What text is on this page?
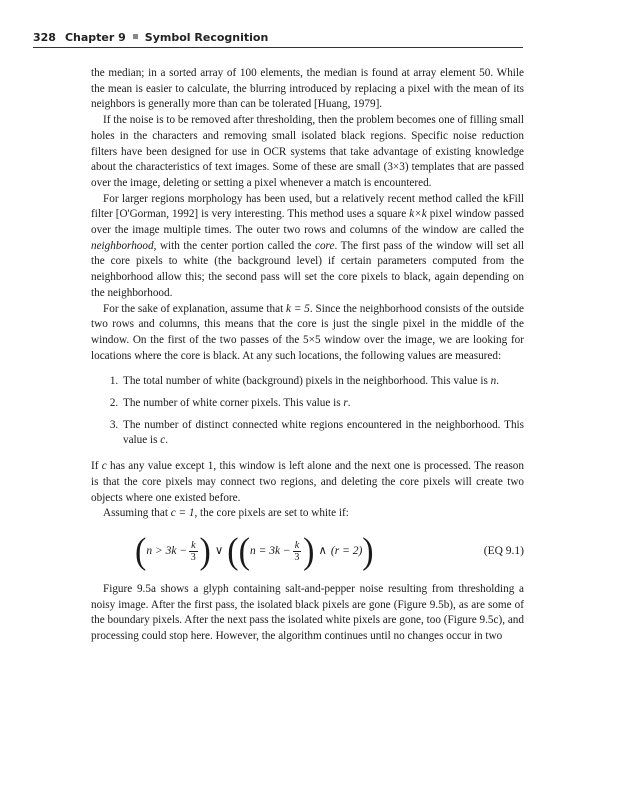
328 Chapter 9 Symbol Recognition

the median; in a sorted array of 100 elements, the median is found at array element 50. While the mean is easier to calculate, the blurring introduced by replacing a pixel with the mean of its neighbors is generally more than can be tolerated [Huang, 1979].

If the noise is to be removed after thresholding, then the problem becomes one of filling small holes in the characters and removing small isolated black regions. Specific noise reduction filters have been designed for use in OCR systems that take advantage of existing knowledge about the characteristics of text images. Some of these are small (3×3) templates that are passed over the image, deleting or setting a pixel whenever a match is encountered.

For larger regions morphology has been used, but a relatively recent method called the kFill filter [O'Gorman, 1992] is very interesting. This method uses a square k×k pixel window passed over the image multiple times. The outer two rows and columns of the window are called the neighborhood, with the center portion called the core. The first pass of the window will set all the core pixels to white (the background level) if certain parameters computed from the neighborhood allow this; the second pass will set the core pixels to black, again depending on the neighborhood.

For the sake of explanation, assume that k = 5. Since the neighborhood consists of the outside two rows and columns, this means that the core is just the single pixel in the middle of the window. On the first of the two passes of the 5×5 window over the image, we are looking for locations where the core is black. At any such locations, the following values are measured:

1. The total number of white (background) pixels in the neighborhood. This value is n.
2. The number of white corner pixels. This value is r.
3. The number of distinct connected white regions encountered in the neighborhood. This value is c.

If c has any value except 1, this window is left alone and the next one is processed. The reason is that the core pixels may connect two regions, and deleting the core pixels will create two objects where one existed before.

Assuming that c = 1, the core pixels are set to white if:

( $n > 3k - \frac{k}{3}$ ) ∨ ( ( $n = 3k - \frac{k}{3}$ ) ∧ (r = 2) )	(EQ 9.1)

Figure 9.5a shows a glyph containing salt-and-pepper noise resulting from thresholding a noisy image. After the first pass, the isolated black pixels are gone (Figure 9.5b), as are some of the boundary pixels. After the next pass the isolated white pixels are gone, too (Figure 9.5c), and processing could stop here. However, the algorithm continues until no changes occur in two
